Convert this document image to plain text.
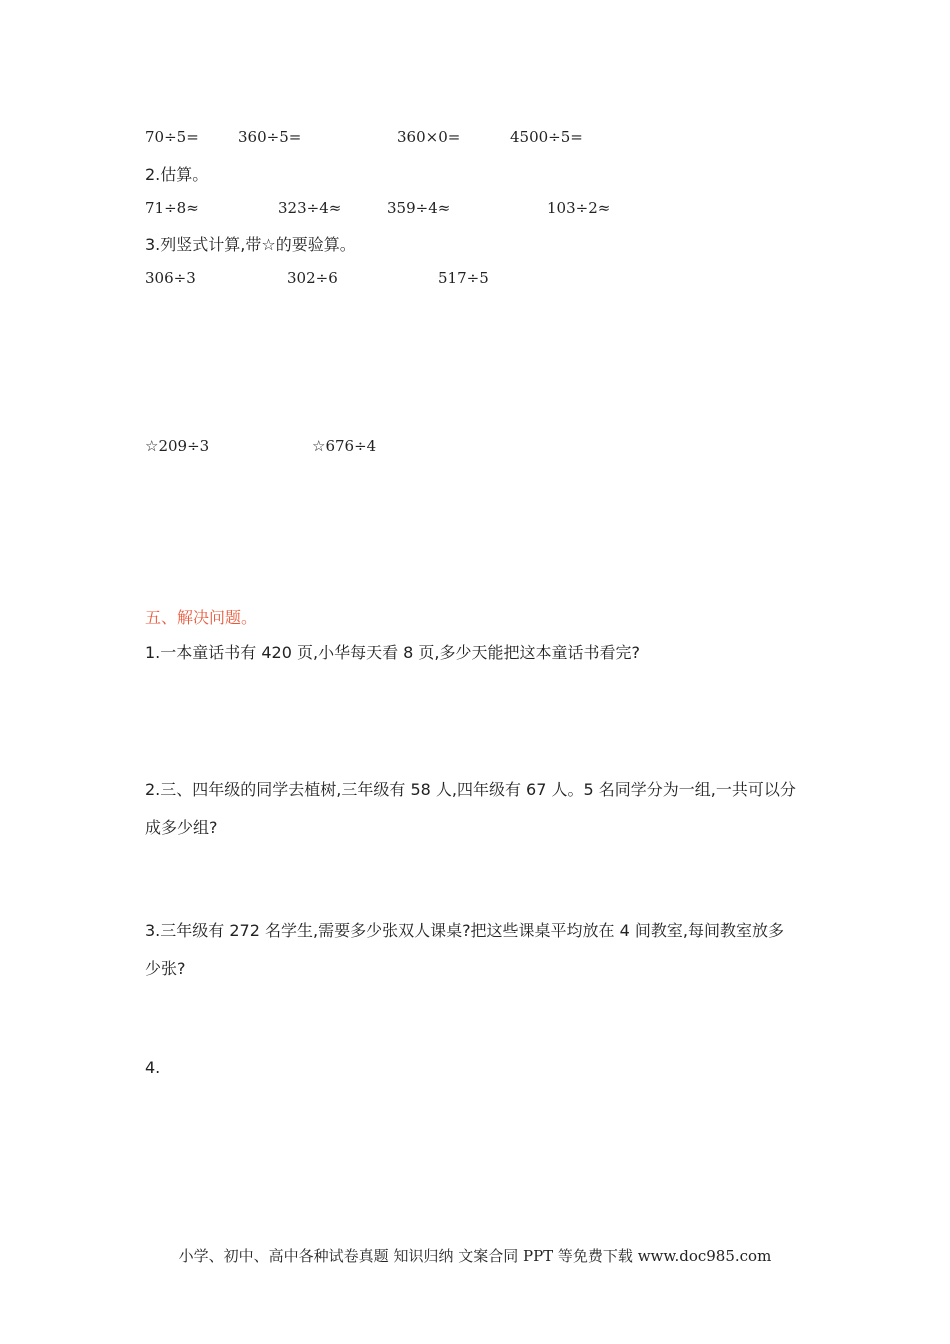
70÷5=	360÷5=	360×0=	4500÷5=
2.估算。
71÷8≈	323÷4≈	359÷4≈	103÷2≈
3.列竖式计算,带☆的要验算。
306÷3	302÷6	517÷5
☆209÷3	☆676÷4
五、解决问题。
1.一本童话书有 420 页,小华每天看 8 页,多少天能把这本童话书看完?
2.三、四年级的同学去植树,三年级有 58 人,四年级有 67 人。5 名同学分为一组,一共可以分
成多少组?
3.三年级有 272 名学生,需要多少张双人课桌?把这些课桌平均放在 4 间教室,每间教室放多
少张?
4.
小学、初中、高中各种试卷真题 知识归纳 文案合同 PPT 等免费下载 www.doc985.com
